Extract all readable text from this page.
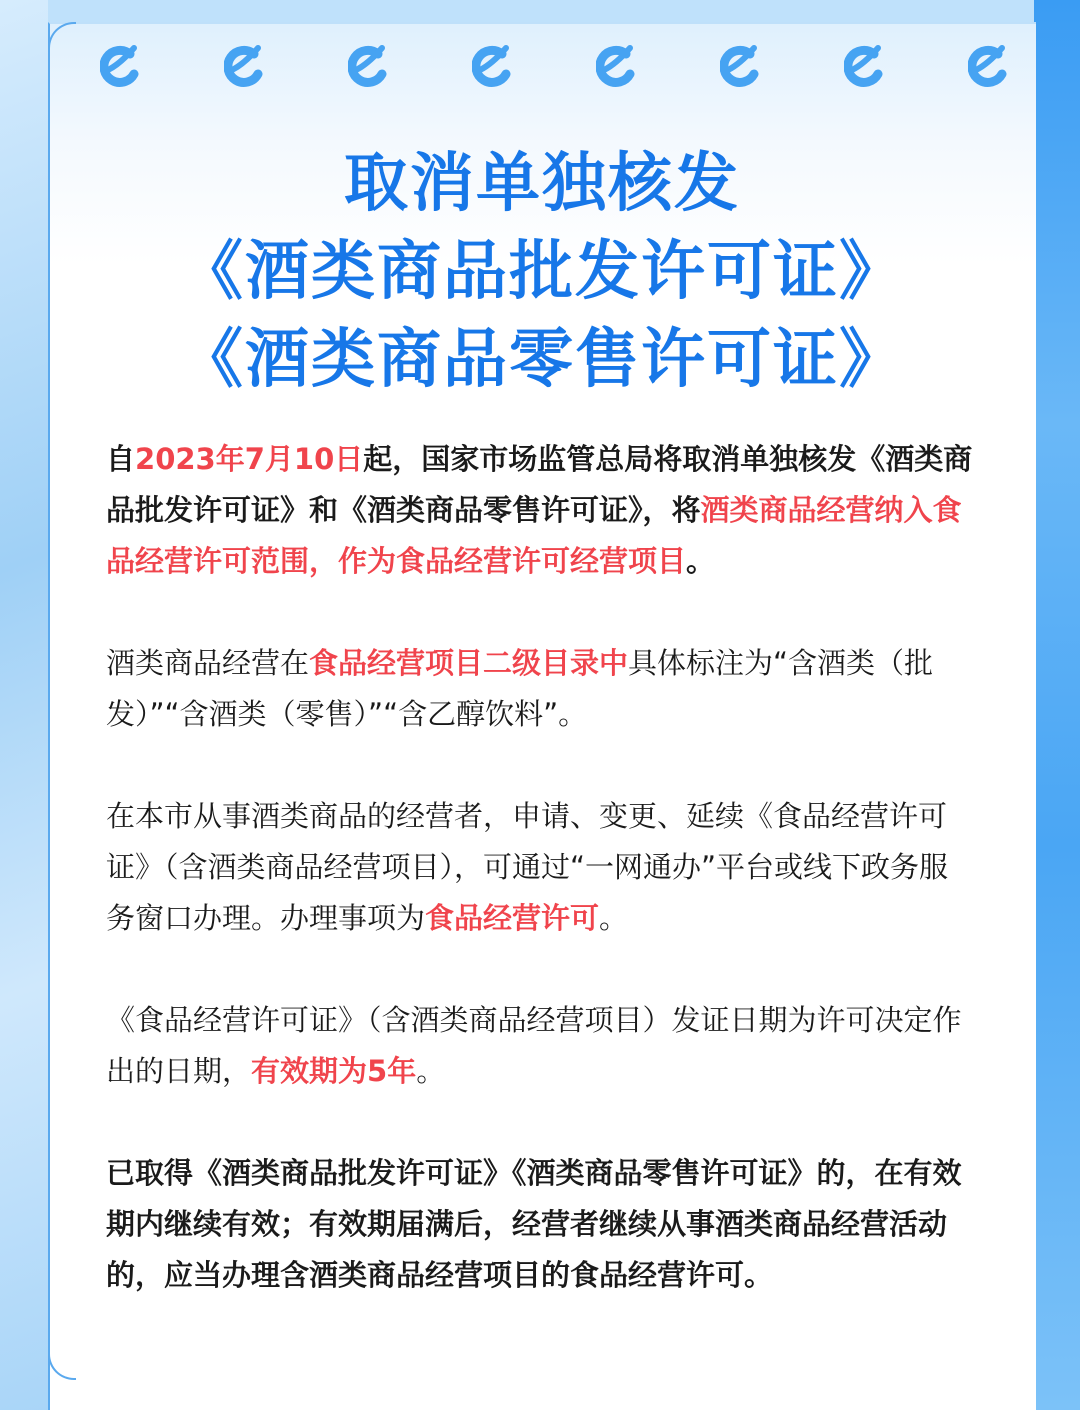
取消单独核发
《酒类商品批发许可证》
《酒类商品零售许可证》

自2023年7月10日起，国家市场监管总局将取消单独核发《酒类商品批发许可证》和《酒类商品零售许可证》，将酒类商品经营纳入食品经营许可范围，作为食品经营许可经营项目。

酒类商品经营在食品经营项目二级目录中具体标注为“含酒类（批发）”“含酒类（零售）”“含乙醇饮料”。

在本市从事酒类商品的经营者，申请、变更、延续《食品经营许可证》（含酒类商品经营项目），可通过“一网通办”平台或线下政务服务窗口办理。办理事项为食品经营许可。

《食品经营许可证》（含酒类商品经营项目）发证日期为许可决定作出的日期，有效期为5年。

已取得《酒类商品批发许可证》《酒类商品零售许可证》的，在有效期内继续有效；有效期届满后，经营者继续从事酒类商品经营活动的，应当办理含酒类商品经营项目的食品经营许可。
